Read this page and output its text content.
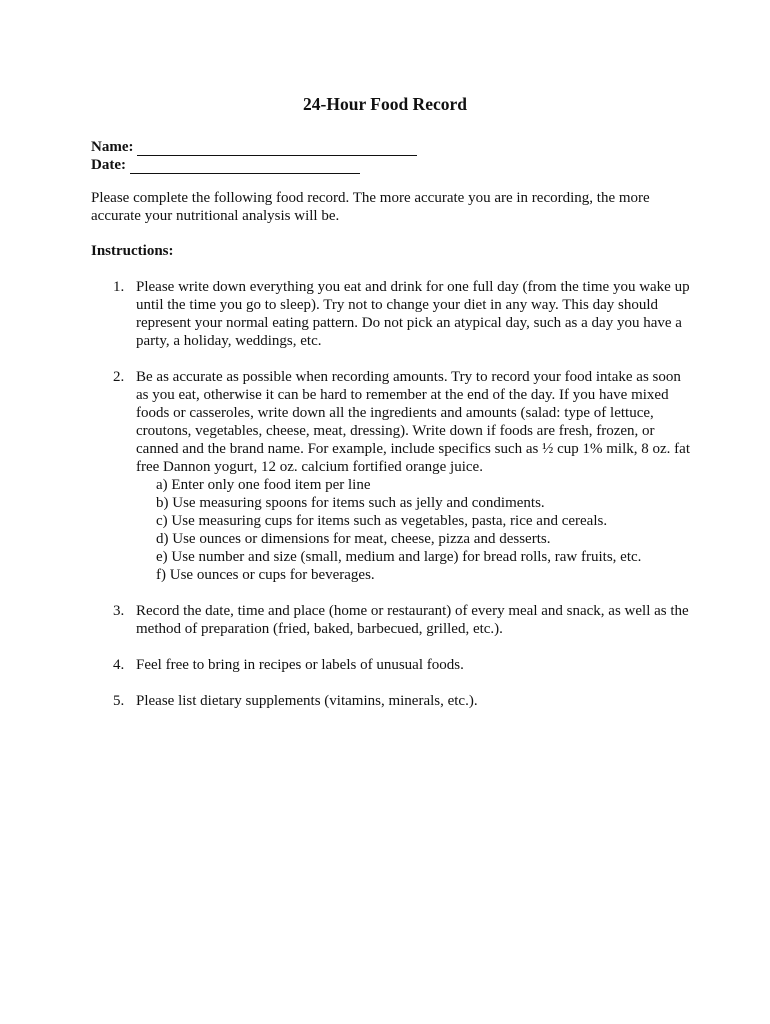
24-Hour Food Record
Name:
Date:

Please complete the following food record. The more accurate you are in recording, the more accurate your nutritional analysis will be.

Instructions:
1. Please write down everything you eat and drink for one full day (from the time you wake up until the time you go to sleep). Try not to change your diet in any way. This day should represent your normal eating pattern. Do not pick an atypical day, such as a day you have a party, a holiday, weddings, etc.
2. Be as accurate as possible when recording amounts. Try to record your food intake as soon as you eat, otherwise it can be hard to remember at the end of the day. If you have mixed foods or casseroles, write down all the ingredients and amounts (salad: type of lettuce, croutons, vegetables, cheese, meat, dressing). Write down if foods are fresh, frozen, or canned and the brand name. For example, include specifics such as ½ cup 1% milk, 8 oz. fat free Dannon yogurt, 12 oz. calcium fortified orange juice.
a) Enter only one food item per line
b) Use measuring spoons for items such as jelly and condiments.
c) Use measuring cups for items such as vegetables, pasta, rice and cereals.
d) Use ounces or dimensions for meat, cheese, pizza and desserts.
e) Use number and size (small, medium and large) for bread rolls, raw fruits, etc.
f) Use ounces or cups for beverages.
3. Record the date, time and place (home or restaurant) of every meal and snack, as well as the method of preparation (fried, baked, barbecued, grilled, etc.).
4. Feel free to bring in recipes or labels of unusual foods.
5. Please list dietary supplements (vitamins, minerals, etc.).
